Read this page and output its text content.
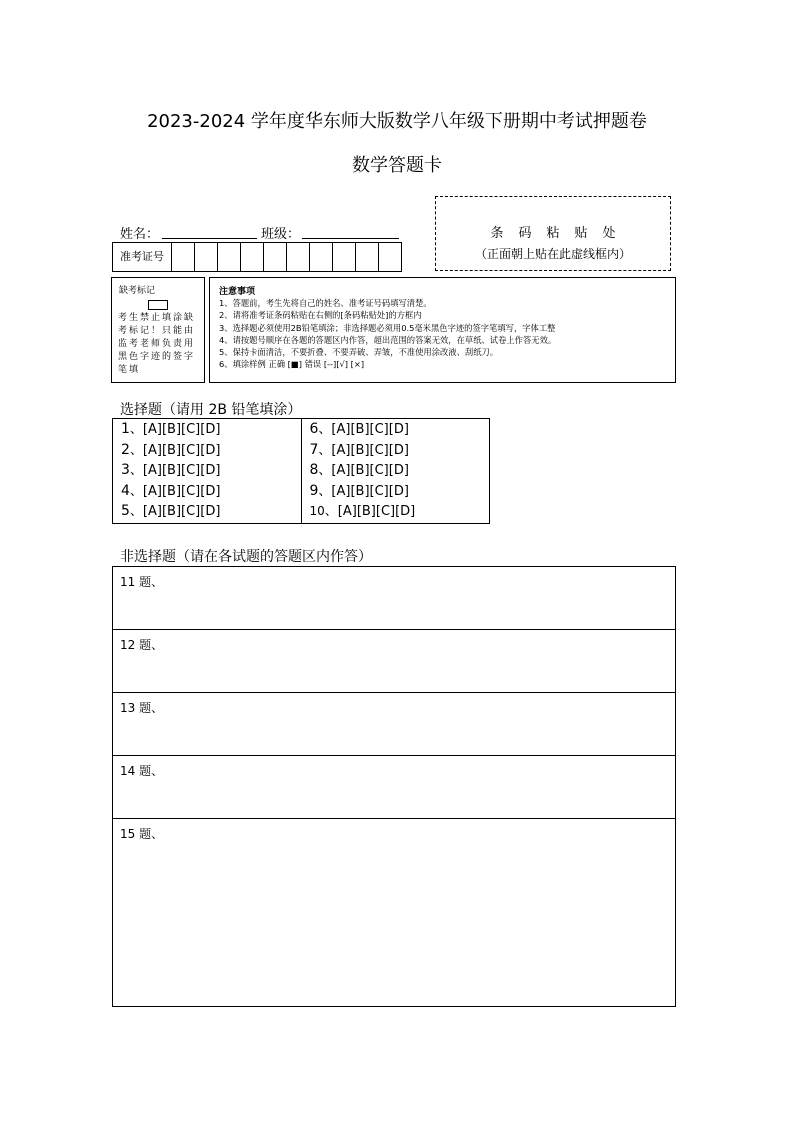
2023-2024 学年度华东师大版数学八年级下册期中考试押题卷
数学答题卡
姓名：	班级：
准考证号
条码粘贴处
（正面朝上贴在此虚线框内）
缺考标记
考生禁止填涂缺考标记！只能由监考老师负责用黑色字迹的签字笔填
注意事项
1、答题前，考生先将自己的姓名、准考证号码填写清楚。
2、请将准考证条码粘贴在右侧的[条码粘贴处]的方框内
3、选择题必须使用2B铅笔填涂；非选择题必须用0.5毫米黑色字迹的签字笔填写，字体工整
4、请按题号顺序在各题的答题区内作答，超出范围的答案无效，在草纸、试卷上作答无效。
5、保持卡面清洁，不要折叠、不要弄破、弄皱，不准使用涂改液、刮纸刀。
6、填涂样例 正确 [■] 错误 [--][√] [×]
选择题（请用 2B 铅笔填涂）
1、[A][B][C][D]
2、[A][B][C][D]
3、[A][B][C][D]
4、[A][B][C][D]
5、[A][B][C][D]
6、[A][B][C][D]
7、[A][B][C][D]
8、[A][B][C][D]
9、[A][B][C][D]
10、[A][B][C][D]
非选择题（请在各试题的答题区内作答）
11 题、
12 题、
13 题、
14 题、
15 题、
